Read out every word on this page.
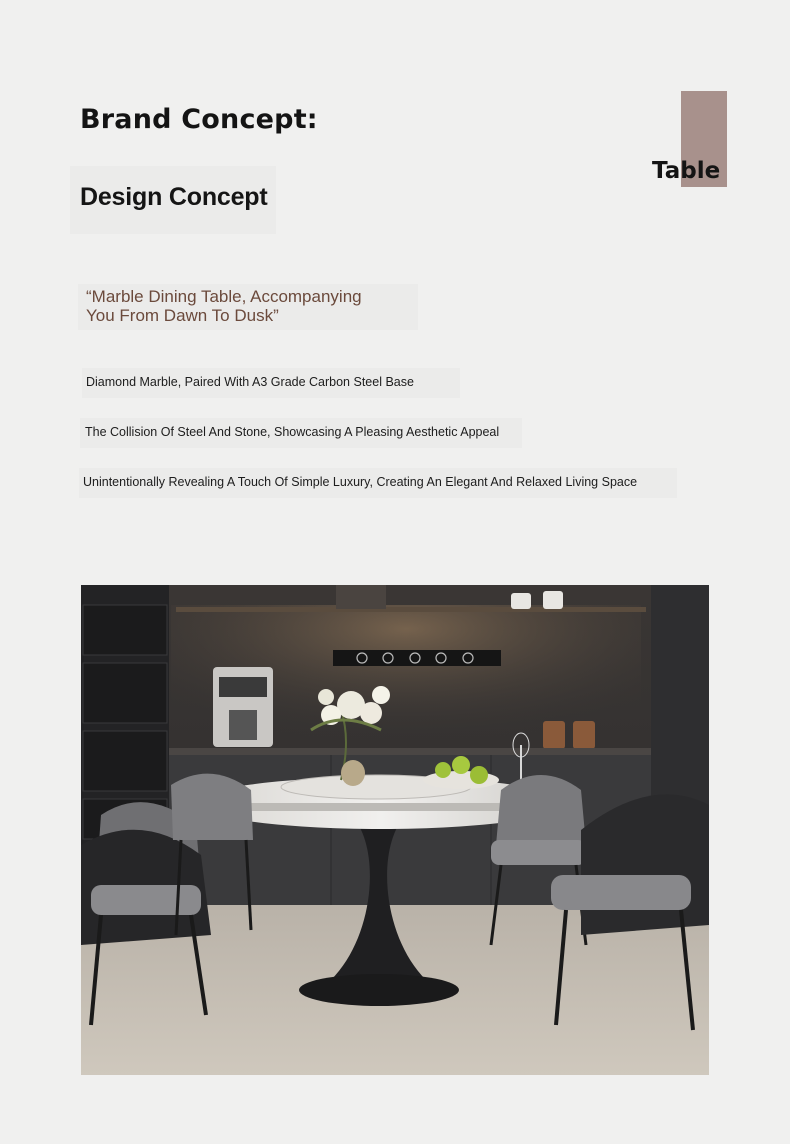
Brand Concept:
Table
Design Concept
“Marble Dining Table, Accompanying
You From Dawn To Dusk”
Diamond Marble, Paired With A3 Grade Carbon Steel Base
The Collision Of Steel And Stone, Showcasing A Pleasing Aesthetic Appeal
Unintentionally Revealing A Touch Of Simple Luxury, Creating An Elegant And Relaxed Living Space
